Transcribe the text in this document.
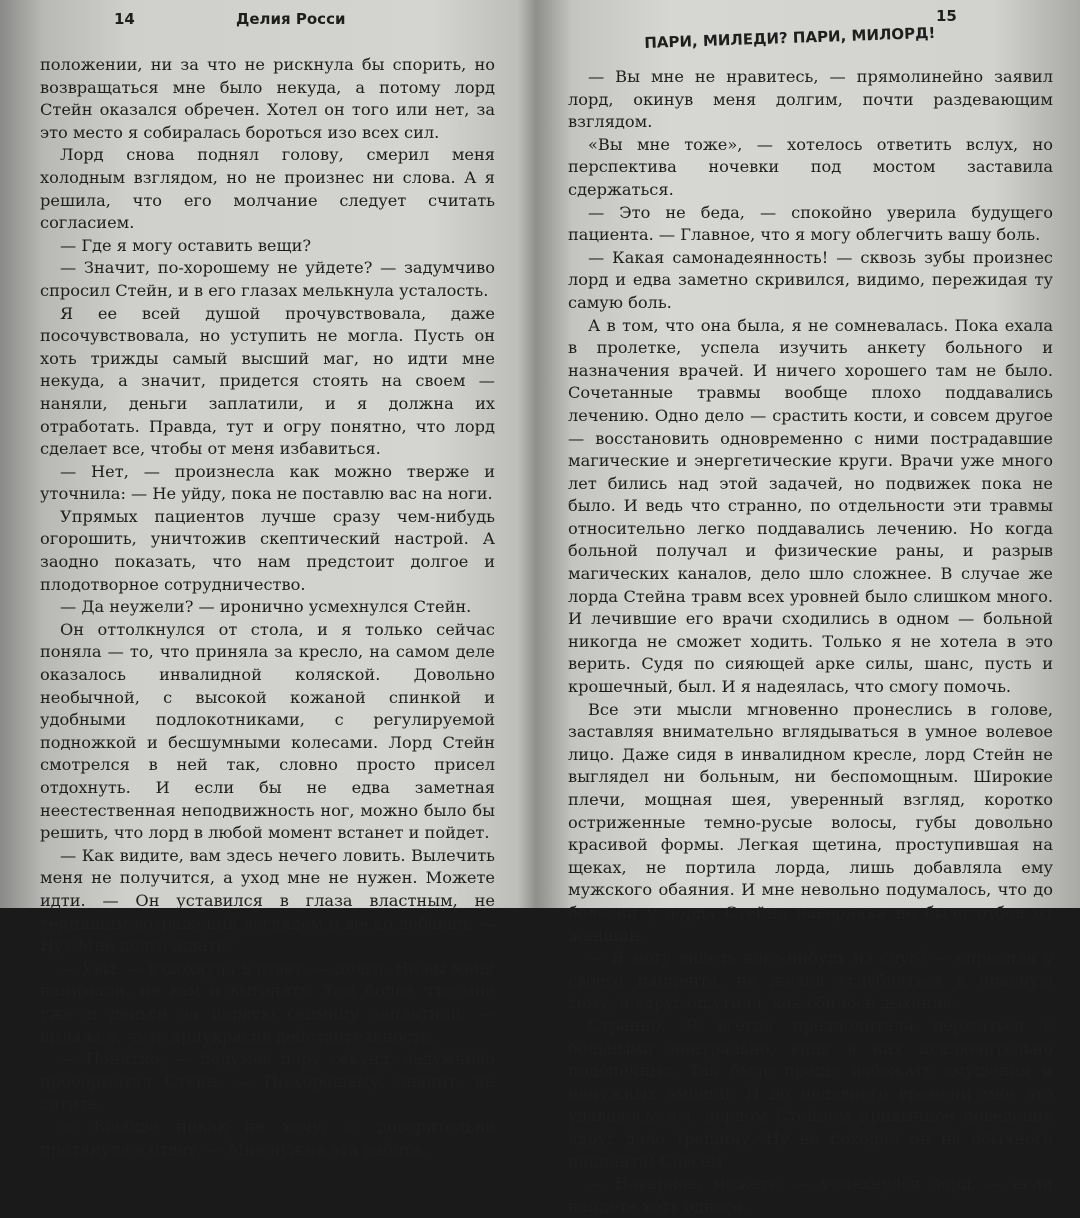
14	Делия Росси

положении, ни за что не рискнула бы спорить, но возвращаться мне было некуда, а потому лорд Стейн оказался обречен. Хотел он того или нет, за это место я собиралась бороться изо всех сил.

Лорд снова поднял голову, смерил меня холодным взглядом, но не произнес ни слова. А я решила, что его молчание следует считать согласием.

— Где я могу оставить вещи?

— Значит, по-хорошему не уйдете? — задумчиво спросил Стейн, и в его глазах мелькнула усталость.

Я ее всей душой прочувствовала, даже посочувствовала, но уступить не могла. Пусть он хоть трижды самый высший маг, но идти мне некуда, а значит, придется стоять на своем — наняли, деньги заплатили, и я должна их отработать. Правда, тут и огру понятно, что лорд сделает все, чтобы от меня избавиться.

— Нет, — произнесла как можно тверже и уточнила: — Не уйду, пока не поставлю вас на ноги.

Упрямых пациентов лучше сразу чем-нибудь огорошить, уничтожив скептический настрой. А заодно показать, что нам предстоит долгое и плодотворное сотрудничество.

— Да неужели? — иронично усмехнулся Стейн.

Он оттолкнулся от стола, и я только сейчас поняла — то, что приняла за кресло, на самом деле оказалось инвалидной коляской. Довольно необычной, с высокой кожаной спинкой и удобными подлокотниками, с регулируемой подножкой и бесшумными колесами. Лорд Стейн смотрелся в ней так, словно просто присел отдохнуть. И если бы не едва заметная неестественная неподвижность ног, можно было бы решить, что лорд в любой момент встанет и пойдет.

— Как видите, вам здесь нечего ловить. Вылечить меня не получится, а уход мне не нужен. Можете идти. — Он уставился в глаза властным, не терпящим возражений взглядом и веско добавил: — Ну? Мне долго ждать?

— Увы, — вздохнула в ответ, — долго. Не вы меня нанимали, не вам и выгонять. Тем более что мне уже и деньги за первую седмицу заплатили, — выдала я, чуть приукрасив действительность.

— Понятно, — подумав пару секунд, задумчиво пробормотал Стейн. — По-хорошему, значит, не хотите.

— Вообще никак не хочу, — доверительно протянула в ответ. — Мне нужна эта работа.

15
ПАРИ, МИЛЕДИ? ПАРИ, МИЛОРД!

— Вы мне не нравитесь, — прямолинейно заявил лорд, окинув меня долгим, почти раздевающим взглядом.

«Вы мне тоже», — хотелось ответить вслух, но перспектива ночевки под мостом заставила сдержаться.

— Это не беда, — спокойно уверила будущего пациента. — Главное, что я могу облегчить вашу боль.

— Какая самонадеянность! — сквозь зубы произнес лорд и едва заметно скривился, видимо, пережидая ту самую боль.

А в том, что она была, я не сомневалась. Пока ехала в пролетке, успела изучить анкету больного и назначения врачей. И ничего хорошего там не было. Сочетанные травмы вообще плохо поддавались лечению. Одно дело — срастить кости, и совсем другое — восстановить одновременно с ними пострадавшие магические и энергетические круги. Врачи уже много лет бились над этой задачей, но подвижек пока не было. И ведь что странно, по отдельности эти травмы относительно легко поддавались лечению. Но когда больной получал и физические раны, и разрыв магических каналов, дело шло сложнее. В случае же лорда Стейна травм всех уровней было слишком много. И лечившие его врачи сходились в одном — больной никогда не сможет ходить. Только я не хотела в это верить. Судя по сияющей арке силы, шанс, пусть и крошечный, был. И я надеялась, что смогу помочь.

Все эти мысли мгновенно пронеслись в голове, заставляя внимательно вглядываться в умное волевое лицо. Даже сидя в инвалидном кресле, лорд Стейн не выглядел ни больным, ни беспомощным. Широкие плечи, мощная шея, уверенный взгляд, коротко остриженные темно-русые волосы, губы довольно красивой формы. Легкая щетина, проступившая на щеках, не портила лорда, лишь добавляла ему мужского обаяния. И мне невольно подумалось, что до болезни у лорда Стейна наверняка не было отбоя от женщин.

— Я могу видеть кого-нибудь из слуг? — спросила у своего пациента, не желая углубляться в опасную тему, и вдруг ощутила, как сбилось дыхание.

Странно. Я всегда предпочитала держаться с больными нейтрально, видя в них исключительно подопечных. Так было проще избежать смущения и ненужных эмоций. И до недавнего времени мне это удавалось, а с лордом Стейном привычное поведение вдруг дало трещину. Ну не походил он на обычного пациента! Совсем.

— Наверное, можете, — усмехнулся лорд, — если найдете хоть одного.
